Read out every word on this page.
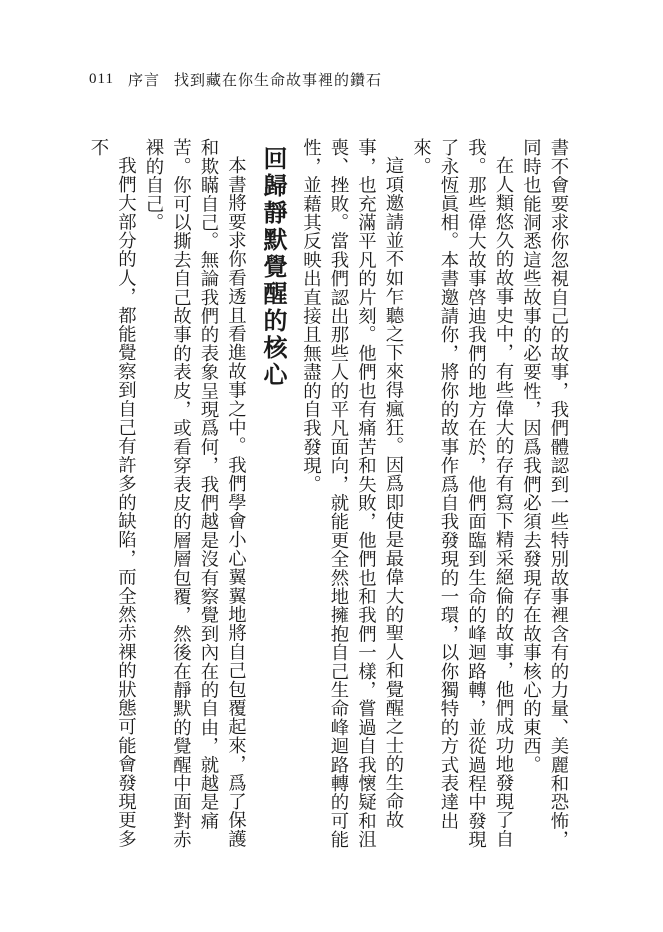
011 序言 找到藏在你生命故事裡的鑽石

書不會要求你忽視自己的故事，我們體認到一些特別故事裡含有的力量、美麗和恐怖，同時也能洞悉這些故事的必要性，因爲我們必須去發現存在故事核心的東西。

在人類悠久的故事史中，有些偉大的存有寫下精采絕倫的故事，他們成功地發現了自我。那些偉大故事啓迪我們的地方在於，他們面臨到生命的峰迴路轉，並從過程中發現了永恆眞相。本書邀請你，將你的故事作爲自我發現的一環，以你獨特的方式表達出來。

這項邀請並不如乍聽之下來得瘋狂。因爲即使是最偉大的聖人和覺醒之士的生命故事，也充滿平凡的片刻。他們也有痛苦和失敗，他們也和我們一樣，嘗過自我懷疑和沮喪、挫敗。當我們認出那些人的平凡面向，就能更全然地擁抱自己生命峰迴路轉的可能性，並藉其反映出直接且無盡的自我發現。

回歸靜默覺醒的核心

本書將要求你看透且看進故事之中。我們學會小心翼翼地將自己包覆起來，爲了保護和欺瞞自己。無論我們的表象呈現爲何，我們越是沒有察覺到內在的自由，就越是痛苦。你可以撕去自己故事的表皮，或看穿表皮的層層包覆，然後在靜默的覺醒中面對赤裸的自己。

我們大部分的人，都能覺察到自己有許多的缺陷，而全然赤裸的狀態可能會發現更多不
